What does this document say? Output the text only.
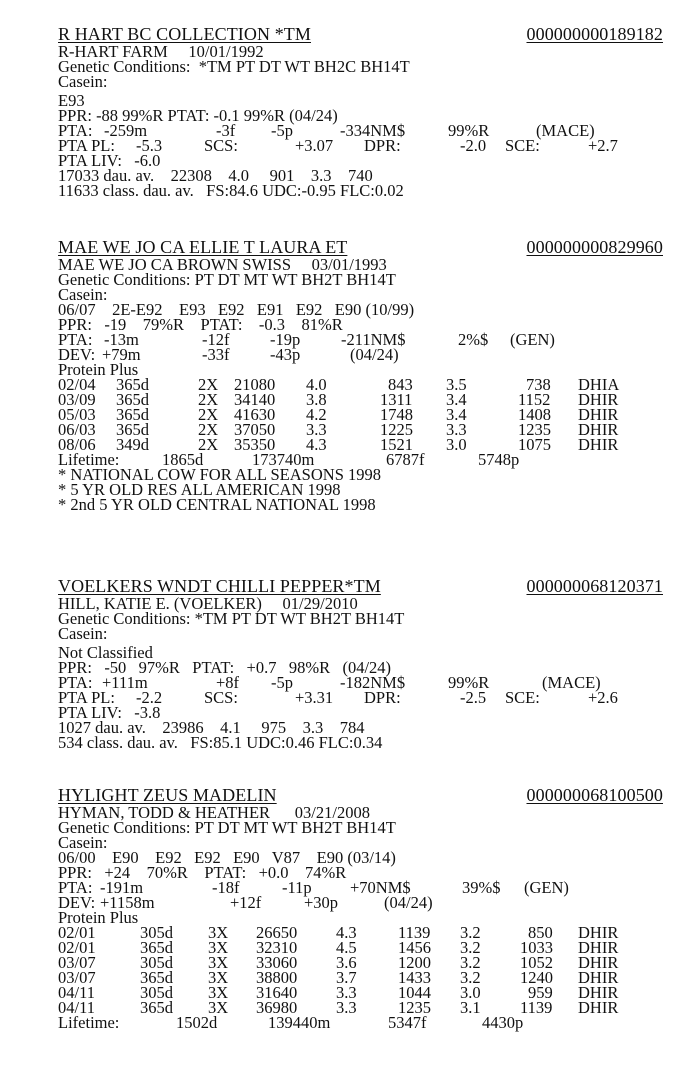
R HART BC COLLECTION *TM	000000000189182
R-HART FARM     10/01/1992
Genetic Conditions:  *TM PT DT WT BH2C BH14T
Casein:
E93
PPR: -88 99%R PTAT: -0.1 99%R (04/24)
PTA: -259m	-3f -5p	-334NM$	99%R	(MACE)
PTA PL: -5.3	SCS:	+3.07 DPR:	-2.0 SCE:	+2.7
PTA LIV:   -6.0
17033 dau. av.    22308    4.0     901    3.3    740
11633 class. dau. av.   FS:84.6 UDC:-0.95 FLC:0.02
MAE WE JO CA ELLIE T LAURA ET	000000000829960
MAE WE JO CA BROWN SWISS     03/01/1993
Genetic Conditions: PT DT MT WT BH2T BH14T
Casein:
06/07    2E-E92    E93   E92   E91   E92   E90 (10/99)
PPR:   -19    79%R    PTAT:    -0.3    81%R
PTA: -13m	-12f -19p -211NM$	2%$ (GEN)
DEV: +79m	-33f -43p	(04/24)
Protein Plus
02/04 365d	2X 21080 4.0	843 3.5	738 DHIA
03/09 365d	2X 34140 3.8	1311 3.4	1152 DHIR
05/03 365d	2X 41630 4.2	1748 3.4	1408 DHIR
06/03 365d	2X 37050 3.3	1225 3.3	1235 DHIR
08/06 349d	2X 35350 4.3	1521 3.0	1075 DHIR
Lifetime:	1865d	173740m	6787f	5748p
* NATIONAL COW FOR ALL SEASONS 1998
* 5 YR OLD RES ALL AMERICAN 1998
* 2nd 5 YR OLD CENTRAL NATIONAL 1998
VOELKERS WNDT CHILLI PEPPER*TM	000000068120371
HILL, KATIE E. (VOELKER)     01/29/2010
Genetic Conditions: *TM PT DT WT BH2T BH14T
Casein:
Not Classified
PPR:   -50   97%R   PTAT:   +0.7   98%R   (04/24)
PTA: +111m	+8f -5p	-182NM$	99%R	(MACE)
PTA PL: -2.2	SCS:	+3.31 DPR:	-2.5 SCE:	+2.6
PTA LIV:   -3.8
1027 dau. av.    23986    4.1     975    3.3    784
534 class. dau. av.   FS:85.1 UDC:0.46 FLC:0.34
HYLIGHT ZEUS MADELIN	000000068100500
HYMAN, TODD & HEATHER      03/21/2008
Genetic Conditions: PT DT MT WT BH2T BH14T
Casein:
06/00    E90    E92   E92   E90   V87    E90 (03/14)
PPR:   +24    70%R    PTAT:   +0.0    74%R
PTA: -191m	-18f	-11p +70NM$	39%$ (GEN)
DEV: +1158m	+12f	+30p	(04/24)
Protein Plus
02/01	305d 3X 26650 4.3	1139 3.2	850 DHIR
02/01	365d 3X 32310 4.5	1456 3.2 1033 DHIR
03/07	305d 3X 33060 3.6	1200 3.2 1052 DHIR
03/07	365d 3X 38800 3.7	1433 3.2 1240 DHIR
04/11	305d 3X 31640 3.3	1044 3.0	959 DHIR
04/11	365d 3X 36980 3.3	1235 3.1 1139 DHIR
Lifetime:	1502d	139440m	5347f	4430p
